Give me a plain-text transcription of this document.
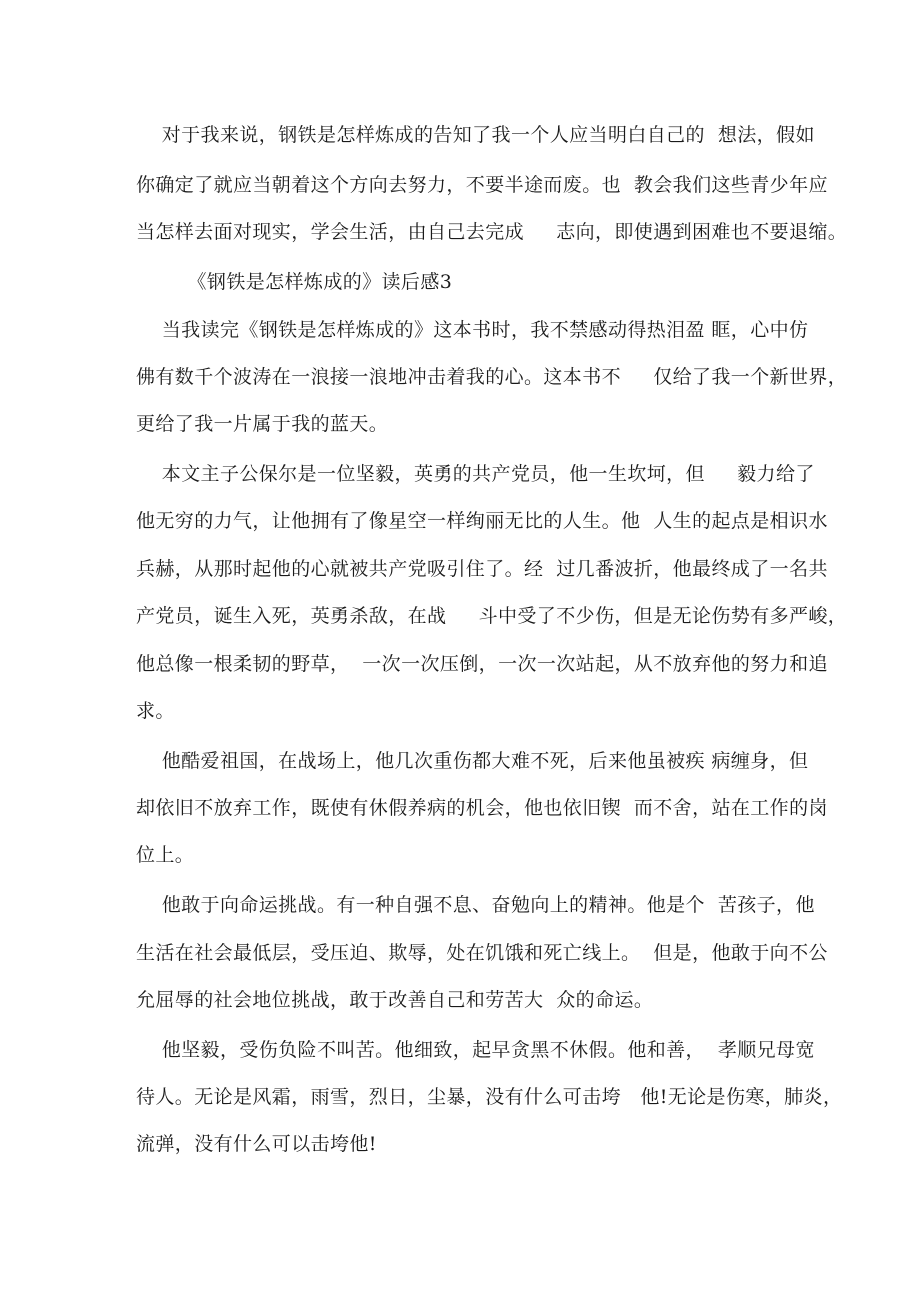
对于我来说，钢铁是怎样炼成的告知了我一个人应当明白自己的  想法，假如
你确定了就应当朝着这个方向去努力，不要半途而废。也  教会我们这些青少年应
当怎样去面对现实，学会生活，由自己去完成     志向，即使遇到困难也不要退缩。
《钢铁是怎样炼成的》读后感3
当我读完《钢铁是怎样炼成的》这本书时，我不禁感动得热泪盈 眶，心中仿
佛有数千个波涛在一浪接一浪地冲击着我的心。这本书不     仅给了我一个新世界，
更给了我一片属于我的蓝天。
本文主子公保尔是一位坚毅，英勇的共产党员，他一生坎坷，但     毅力给了
他无穷的力气，让他拥有了像星空一样绚丽无比的人生。他  人生的起点是相识水
兵赫，从那时起他的心就被共产党吸引住了。经  过几番波折，他最终成了一名共
产党员，诞生入死，英勇杀敌，在战     斗中受了不少伤，但是无论伤势有多严峻，
他总像一根柔韧的野草，  一次一次压倒，一次一次站起，从不放弃他的努力和追
求。
他酷爱祖国，在战场上，他几次重伤都大难不死，后来他虽被疾 病缠身，但
却依旧不放弃工作，既使有休假养病的机会，他也依旧锲  而不舍，站在工作的岗
位上。
他敢于向命运挑战。有一种自强不息、奋勉向上的精神。他是个  苦孩子，他
生活在社会最低层，受压迫、欺辱，处在饥饿和死亡线上。  但是，他敢于向不公
允屈辱的社会地位挑战，敢于改善自己和劳苦大  众的命运。
他坚毅，受伤负险不叫苦。他细致，起早贪黑不休假。他和善，  孝顺兄母宽
待人。无论是风霜，雨雪，烈日，尘暴，没有什么可击垮   他!无论是伤寒，肺炎，
流弹，没有什么可以击垮他!
